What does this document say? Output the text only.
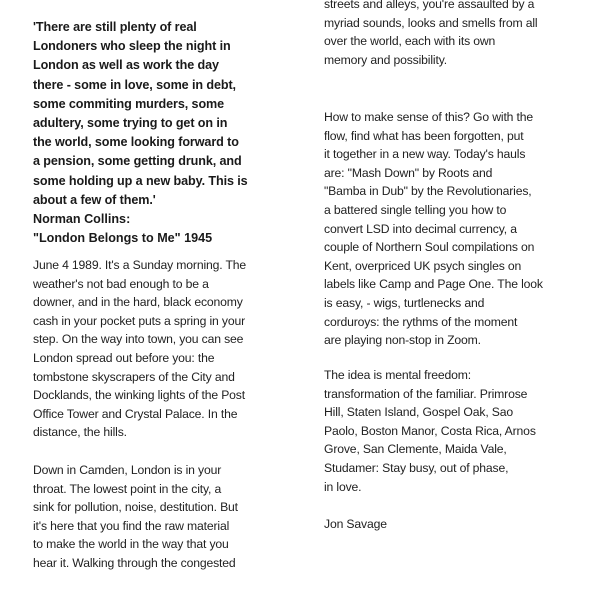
'There are still plenty of real
Londoners who sleep the night in
London as well as work the day
there - some in love, some in debt,
some commiting murders, some
adultery, some trying to get on in
the world, some looking forward to
a pension, some getting drunk, and
some holding up a new baby. This is
about a few of them.'

Norman Collins:
"London Belongs to Me" 1945

June 4 1989. It's a Sunday morning. The
weather's not bad enough to be a
downer, and in the hard, black economy
cash in your pocket puts a spring in your
step. On the way into town, you can see
London spread out before you: the
tombstone skyscrapers of the City and
Docklands, the winking lights of the Post
Office Tower and Crystal Palace. In the
distance, the hills.

Down in Camden, London is in your
throat. The lowest point in the city, a
sink for pollution, noise, destitution. But
it's here that you find the raw material
to make the world in the way that you
hear it. Walking through the congested

streets and alleys, you're assaulted by a
myriad sounds, looks and smells from all
over the world, each with its own
memory and possibility.

How to make sense of this? Go with the
flow, find what has been forgotten, put
it together in a new way. Today's hauls
are: "Mash Down" by Roots and
"Bamba in Dub" by the Revolutionaries,
a battered single telling you how to
convert LSD into decimal currency, a
couple of Northern Soul compilations on
Kent, overpriced UK psych singles on
labels like Camp and Page One. The look
is easy, - wigs, turtlenecks and
corduroys: the rythms of the moment
are playing non-stop in Zoom.

The idea is mental freedom:
transformation of the familiar. Primrose
Hill, Staten Island, Gospel Oak, Sao
Paolo, Boston Manor, Costa Rica, Arnos
Grove, San Clemente, Maida Vale,
Studamer: Stay busy, out of phase,
in love.

Jon Savage
